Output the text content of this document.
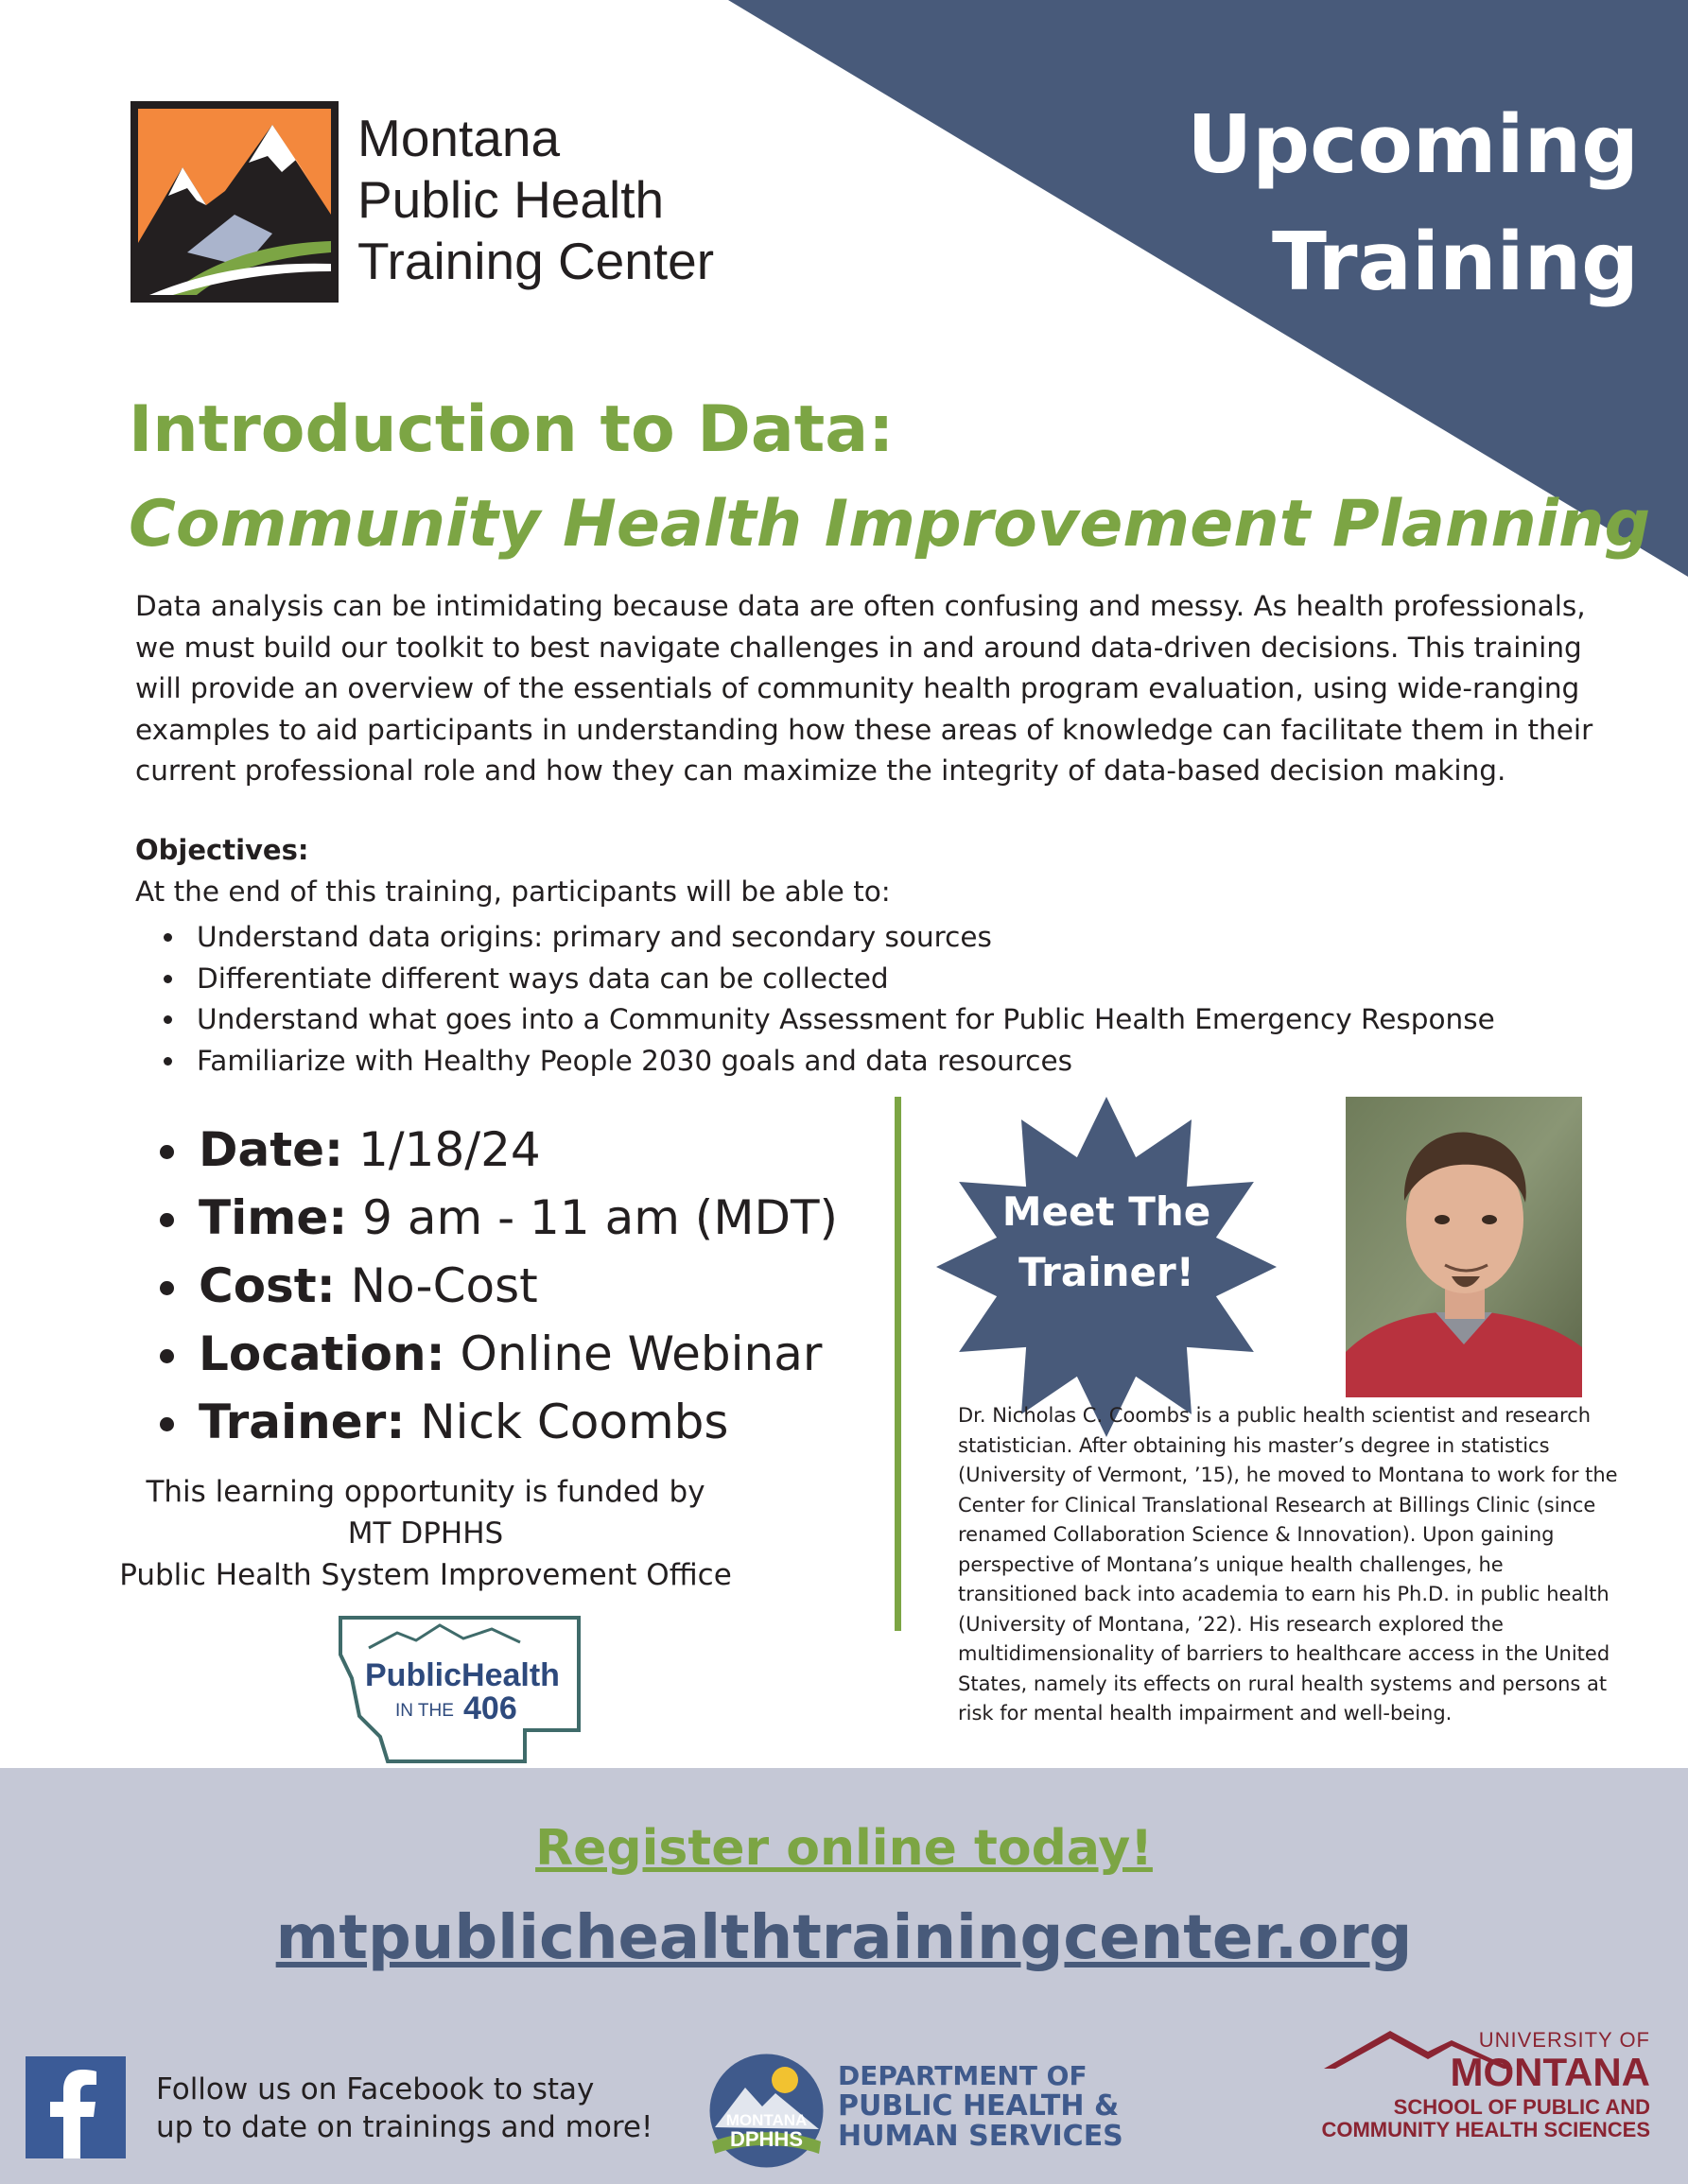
Upcoming
Training
Montana
Public Health
Training Center
Introduction to Data:
Community Health Improvement Planning
Data analysis can be intimidating because data are often confusing and messy. As health professionals, we must build our toolkit to best navigate challenges in and around data-driven decisions. This training will provide an overview of the essentials of community health program evaluation, using wide-ranging examples to aid participants in understanding how these areas of knowledge can facilitate them in their current professional role and how they can maximize the integrity of data-based decision making.
Objectives:
At the end of this training, participants will be able to:
• Understand data origins: primary and secondary sources
• Differentiate different ways data can be collected
• Understand what goes into a Community Assessment for Public Health Emergency Response
• Familiarize with Healthy People 2030 goals and data resources
• Date: 1/18/24
• Time: 9 am - 11 am (MDT)
• Cost: No-Cost
• Location: Online Webinar
• Trainer: Nick Coombs
This learning opportunity is funded by
MT DPHHS
Public Health System Improvement Office
PublicHealth
IN THE 406
Meet The
Trainer!
Dr. Nicholas C. Coombs is a public health scientist and research statistician. After obtaining his master’s degree in statistics (University of Vermont, ’15), he moved to Montana to work for the Center for Clinical Translational Research at Billings Clinic (since renamed Collaboration Science & Innovation). Upon gaining perspective of Montana’s unique health challenges, he transitioned back into academia to earn his Ph.D. in public health (University of Montana, ’22). His research explored the multidimensionality of barriers to healthcare access in the United States, namely its effects on rural health systems and persons at risk for mental health impairment and well-being.
Register online today!
mtpublichealthtrainingcenter.org
Follow us on Facebook to stay
up to date on trainings and more!	MONTANA
DPHHS
DEPARTMENT OF
PUBLIC HEALTH &
HUMAN SERVICES
UNIVERSITY OF
MONTANA
SCHOOL OF PUBLIC AND
COMMUNITY HEALTH SCIENCES
